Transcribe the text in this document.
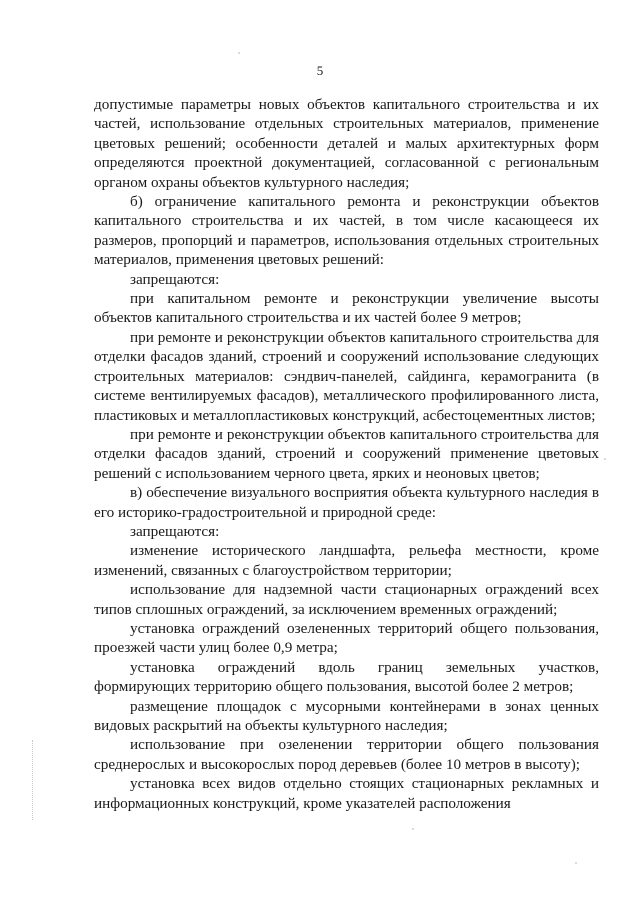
5

допустимые параметры новых объектов капитального строительства и их частей, использование отдельных строительных материалов, применение цветовых решений; особенности деталей и малых архитектурных форм определяются проектной документацией, согласованной с региональным органом охраны объектов культурного наследия;

б) ограничение капитального ремонта и реконструкции объектов капитального строительства и их частей, в том числе касающееся их размеров, пропорций и параметров, использования отдельных строительных материалов, применения цветовых решений:

запрещаются:

при капитальном ремонте и реконструкции увеличение высоты объектов капитального строительства и их частей более 9 метров;

при ремонте и реконструкции объектов капитального строительства для отделки фасадов зданий, строений и сооружений использование следующих строительных материалов: сэндвич-панелей, сайдинга, керамогранита (в системе вентилируемых фасадов), металлического профилированного листа, пластиковых и металлопластиковых конструкций, асбестоцементных листов;

при ремонте и реконструкции объектов капитального строительства для отделки фасадов зданий, строений и сооружений применение цветовых решений с использованием черного цвета, ярких и неоновых цветов;

в) обеспечение визуального восприятия объекта культурного наследия в его историко-градостроительной и природной среде:

запрещаются:

изменение исторического ландшафта, рельефа местности, кроме изменений, связанных с благоустройством территории;

использование для надземной части стационарных ограждений всех типов сплошных ограждений, за исключением временных ограждений;

установка ограждений озелененных территорий общего пользования, проезжей части улиц более 0,9 метра;

установка ограждений вдоль границ земельных участков, формирующих территорию общего пользования, высотой более 2 метров;

размещение площадок с мусорными контейнерами в зонах ценных видовых раскрытий на объекты культурного наследия;

использование при озеленении территории общего пользования среднерослых и высокорослых пород деревьев (более 10 метров в высоту);

установка всех видов отдельно стоящих стационарных рекламных и информационных конструкций, кроме указателей расположения
